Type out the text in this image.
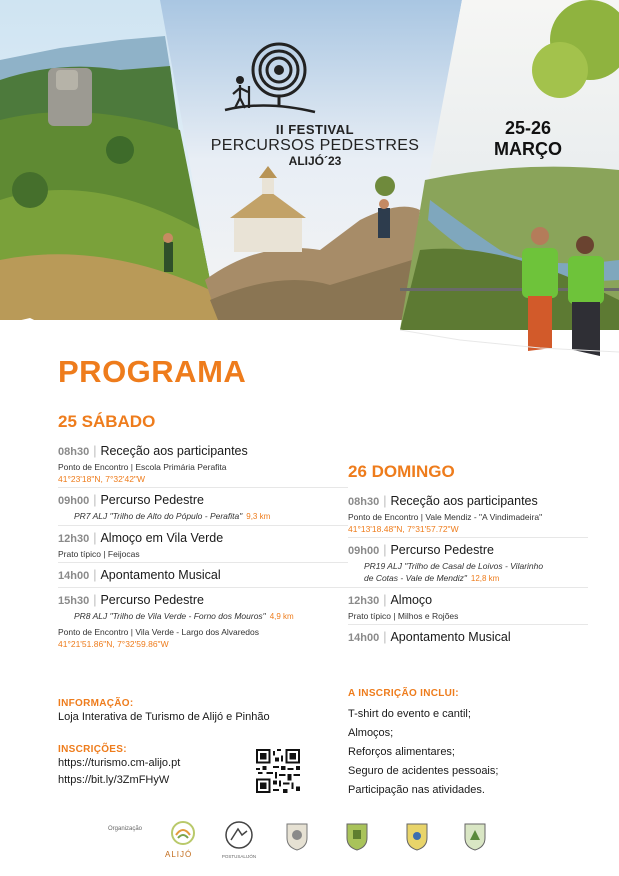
II FESTIVAL
PERCURSOS PEDESTRES
ALIJÓ´23
25-26
MARÇO
PROGRAMA
25 SÁBADO
08h30 | Receção aos participantes
Ponto de Encontro | Escola Primária Perafita
41°23'18"N, 7°32'42"W
09h00 | Percurso Pedestre
PR7 ALJ "Trilho de Alto do Pópulo - Perafita" 9,3 km
12h30 | Almoço em Vila Verde
Prato típico | Feijocas
14h00 | Apontamento Musical
15h30 | Percurso Pedestre
PR8 ALJ "Trilho de Vila Verde - Forno dos Mouros" 4,9 km
Ponto de Encontro | Vila Verde - Largo dos Alvaredos
41°21'51.86"N, 7°32'59.86"W
26 DOMINGO
08h30 | Receção aos participantes
Ponto de Encontro | Vale Mendiz - "A Vindimadeira"
41°13'18.48"N, 7°31'57.72"W
09h00 | Percurso Pedestre
PR19 ALJ "Trilho de Casal de Loivos - Vilarinho
de Cotas - Vale de Mendiz" 12,8 km
12h30 | Almoço
Prato típico | Milhos e Rojões
14h00 | Apontamento Musical
INFORMAÇÃO:
Loja Interativa de Turismo de Alijó e Pinhão
INSCRIÇÕES:
https://turismo.cm-alijo.pt
https://bit.ly/3ZmFHyW
A INSCRIÇÃO INCLUI:
T-shirt do evento e cantil;
Almoços;
Reforços alimentares;
Seguro de acidentes pessoais;
Participação nas atividades.
Organização
ALIJÓ	POSTUSALIJÓN
